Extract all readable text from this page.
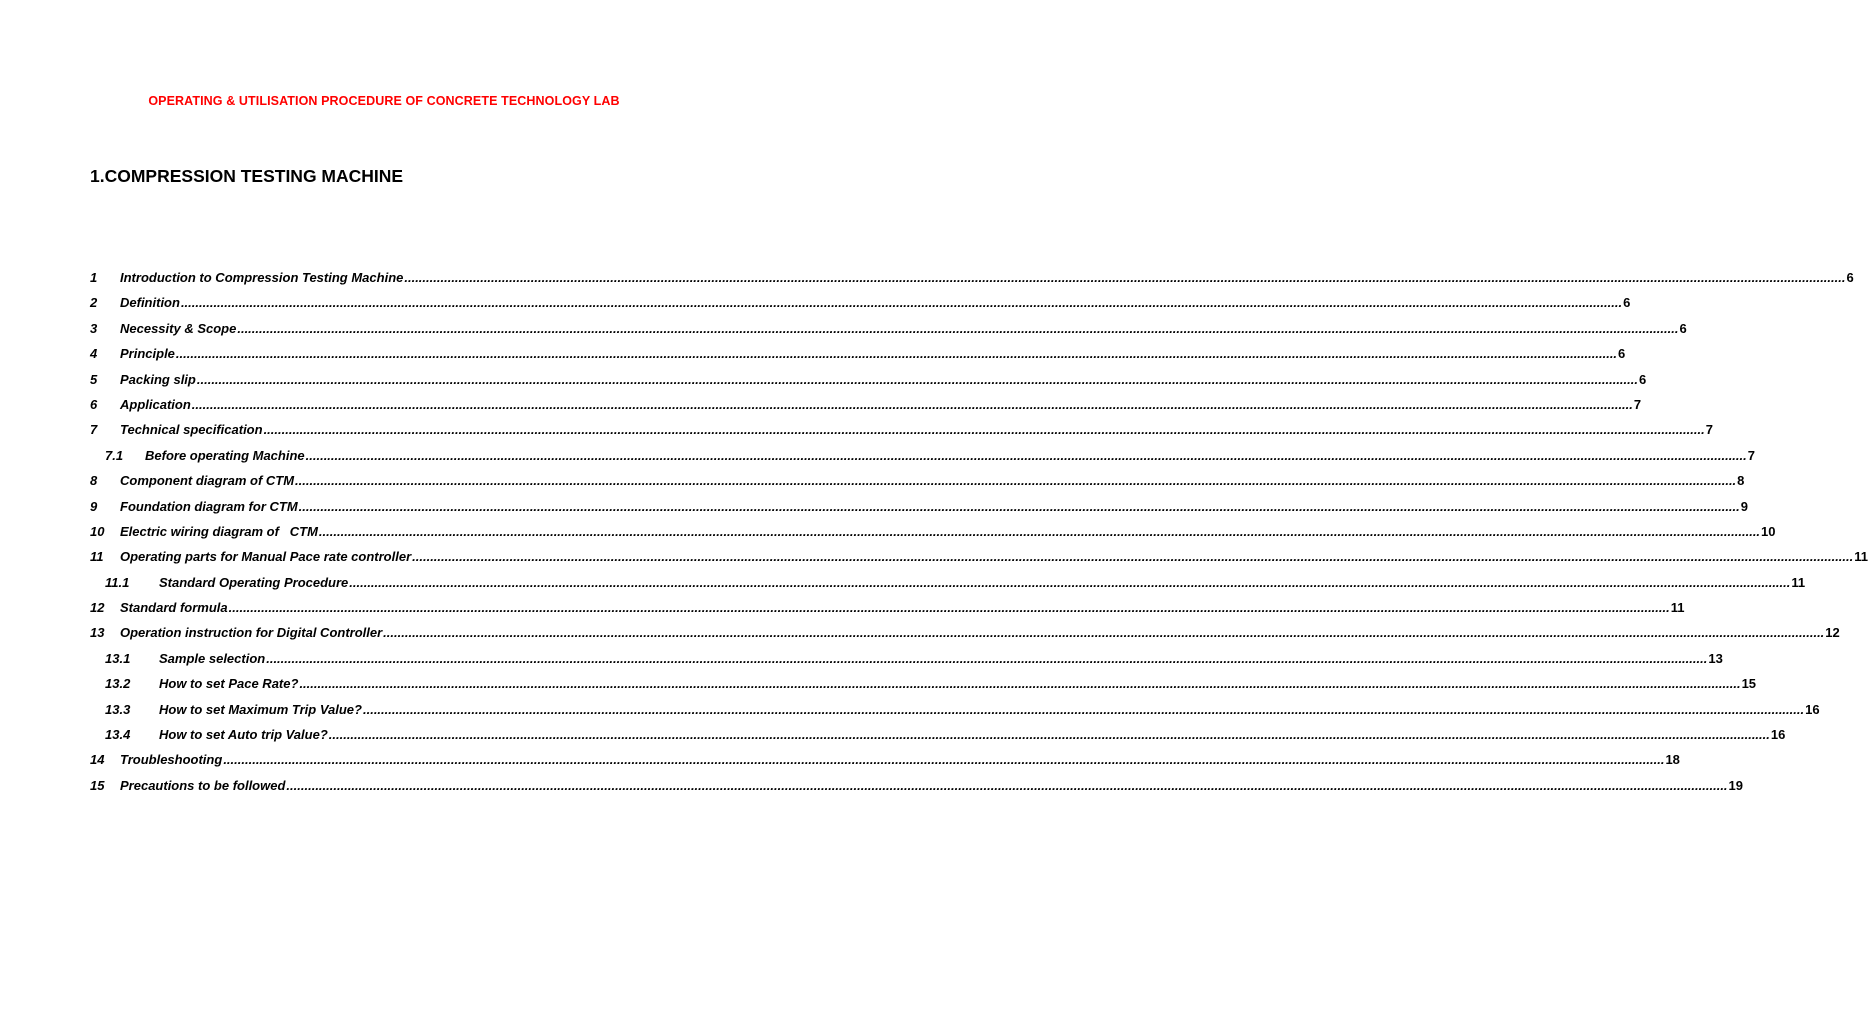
OPERATING & UTILISATION PROCEDURE OF CONCRETE TECHNOLOGY LAB
1.COMPRESSION TESTING MACHINE
1 Introduction to Compression Testing Machine ............................................................................................................................................................................................................................................................................................................................................................................................................... 6
2 Definition ............................................................................................................................................................................................................................................................................................................................................................................................................... 6
3 Necessity & Scope ............................................................................................................................................................................................................................................................................................................................................................................................................... 6
4 Principle ............................................................................................................................................................................................................................................................................................................................................................................................................... 6
5 Packing slip ............................................................................................................................................................................................................................................................................................................................................................................................................... 6
6 Application ............................................................................................................................................................................................................................................................................................................................................................................................................... 7
7 Technical specification ............................................................................................................................................................................................................................................................................................................................................................................................................... 7
7.1 Before operating Machine ............................................................................................................................................................................................................................................................................................................................................................................................................... 7
8 Component diagram of CTM ............................................................................................................................................................................................................................................................................................................................................................................................................... 8
9 Foundation diagram for CTM ............................................................................................................................................................................................................................................................................................................................................................................................................... 9
10 Electric wiring diagram of   CTM ............................................................................................................................................................................................................................................................................................................................................................................................................... 10
11 Operating parts for Manual Pace rate controller ............................................................................................................................................................................................................................................................................................................................................................................................................... 11
11.1 Standard Operating Procedure ............................................................................................................................................................................................................................................................................................................................................................................................................... 11
12 Standard formula ............................................................................................................................................................................................................................................................................................................................................................................................................... 11
13 Operation instruction for Digital Controller ............................................................................................................................................................................................................................................................................................................................................................................................................... 12
13.1 Sample selection ............................................................................................................................................................................................................................................................................................................................................................................................................... 13
13.2 How to set Pace Rate? ............................................................................................................................................................................................................................................................................................................................................................................................................... 15
13.3 How to set Maximum Trip Value? ............................................................................................................................................................................................................................................................................................................................................................................................................... 16
13.4 How to set Auto trip Value? ............................................................................................................................................................................................................................................................................................................................................................................................................... 16
14 Troubleshooting ............................................................................................................................................................................................................................................................................................................................................................................................................... 18
15 Precautions to be followed ............................................................................................................................................................................................................................................................................................................................................................................................................... 19
